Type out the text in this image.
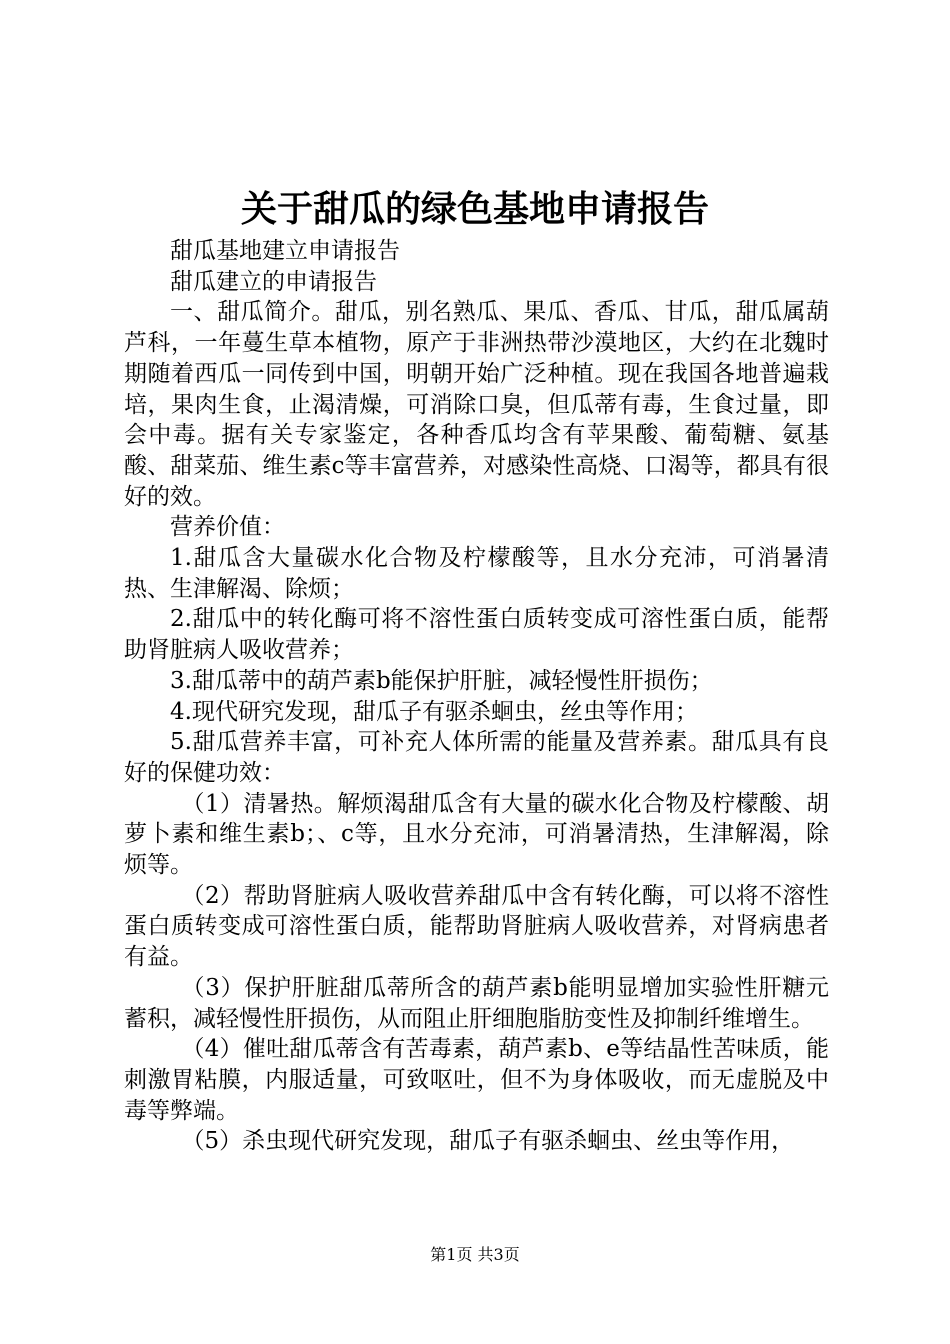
关于甜瓜的绿色基地申请报告

甜瓜基地建立申请报告

甜瓜建立的申请报告

一、甜瓜简介。甜瓜，别名熟瓜、果瓜、香瓜、甘瓜，甜瓜属葫芦科，一年蔓生草本植物，原产于非洲热带沙漠地区，大约在北魏时期随着西瓜一同传到中国，明朝开始广泛种植。现在我国各地普遍栽培，果肉生食，止渴清燥，可消除口臭，但瓜蒂有毒，生食过量，即会中毒。据有关专家鉴定，各种香瓜均含有苹果酸、葡萄糖、氨基酸、甜菜茄、维生素c等丰富营养，对感染性高烧、口渴等，都具有很好的效。

营养价值：

1.甜瓜含大量碳水化合物及柠檬酸等，且水分充沛，可消暑清热、生津解渴、除烦；

2.甜瓜中的转化酶可将不溶性蛋白质转变成可溶性蛋白质，能帮助肾脏病人吸收营养；

3.甜瓜蒂中的葫芦素b能保护肝脏，减轻慢性肝损伤；

4.现代研究发现，甜瓜子有驱杀蛔虫，丝虫等作用；

5.甜瓜营养丰富，可补充人体所需的能量及营养素。甜瓜具有良好的保健功效：

（1）清暑热。解烦渴甜瓜含有大量的碳水化合物及柠檬酸、胡萝卜素和维生素b；、c等，且水分充沛，可消暑清热，生津解渴，除烦等。

（2）帮助肾脏病人吸收营养甜瓜中含有转化酶，可以将不溶性蛋白质转变成可溶性蛋白质，能帮助肾脏病人吸收营养，对肾病患者有益。

（3）保护肝脏甜瓜蒂所含的葫芦素b能明显增加实验性肝糖元蓄积，减轻慢性肝损伤，从而阻止肝细胞脂肪变性及抑制纤维增生。

（4）催吐甜瓜蒂含有苦毒素，葫芦素b、e等结晶性苦味质，能刺激胃粘膜，内服适量，可致呕吐，但不为身体吸收，而无虚脱及中毒等弊端。

（5）杀虫现代研究发现，甜瓜子有驱杀蛔虫、丝虫等作用，

第1页 共3页
